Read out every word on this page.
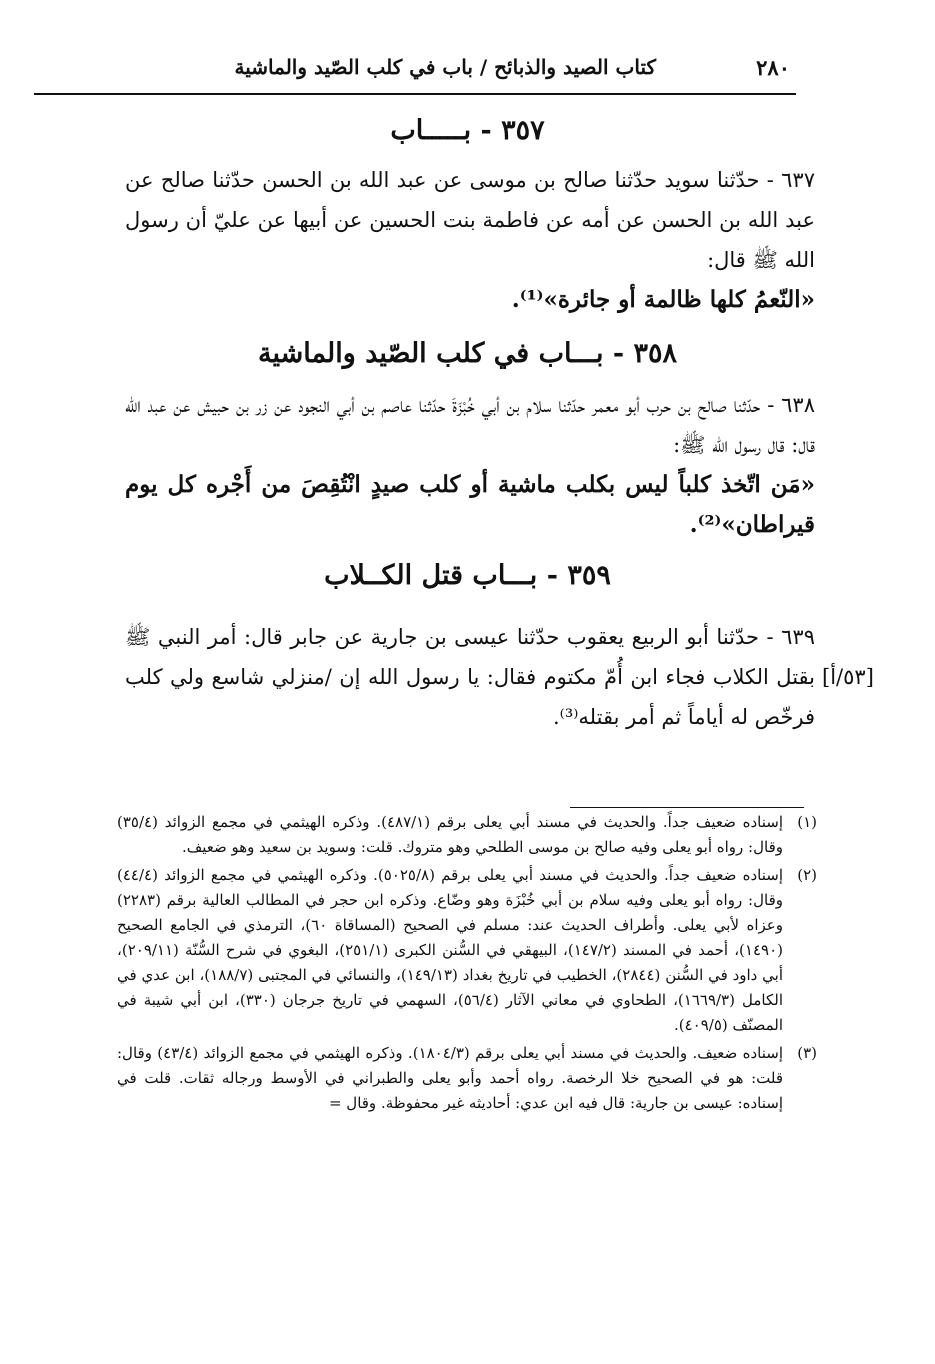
٢٨٠
كتاب الصيد والذبائح / باب في كلب الصّيد والماشية
٣٥٧ - بـــــاب
٦٣٧ - حدّثنا سويد حدّثنا صالح بن موسى عن عبد الله بن الحسن حدّثنا صالح عن عبد الله بن الحسن عن أمه عن فاطمة بنت الحسين عن أبيها عن عليّ أن رسول الله ﷺ قال:
«النّعمُ كلها ظالمة أو جائرة»⁽¹⁾.
٣٥٨ - بـــاب في كلب الصّيد والماشية
٦٣٨ - حدّثنا صالح بن حرب أبو معمر حدّثنا سلام بن أبي خُبْزَةَ حدّثنا عاصم بن أبي النجود عن زر بن حبيش عن عبد الله قال: قال رسول الله ﷺ:
«مَن اتّخذ كلباً ليس بكلب ماشية أو كلب صيدٍ انْتُقِصَ من أَجْره كل يوم قيراطان»⁽²⁾.
٣٥٩ - بـــاب قتل الكــلاب
٦٣٩ - حدّثنا أبو الربيع يعقوب حدّثنا عيسى بن جارية عن جابر قال: أمر النبي ﷺ بقتل الكلاب فجاء ابن أُمّ مكتوم فقال: يا رسول الله إن /منزلي شاسع ولي كلب فرخّص له أياماً ثم أمر بقتله⁽³⁾.
[٥٣/أ]
(١)
إسناده ضعيف جداً. والحديث في مسند أبي يعلى برقم (٤٨٧/١). وذكره الهيثمي في مجمع الزوائد (٣٥/٤) وقال: رواه أبو يعلى وفيه صالح بن موسى الطلحي وهو متروك. قلت: وسويد بن سعيد وهو ضعيف.
(٢)
إسناده ضعيف جداً. والحديث في مسند أبي يعلى برقم (٥٠٢٥/٨). وذكره الهيثمي في مجمع الزوائد (٤٤/٤) وقال: رواه أبو يعلى وفيه سلام بن أبي خُبْزَة وهو وضّاع. وذكره ابن حجر في المطالب العالية برقم (٢٢٨٣) وعزاه لأبي يعلى. وأطراف الحديث عند: مسلم في الصحيح (المساقاة ٦٠)، الترمذي في الجامع الصحيح (١٤٩٠)، أحمد في المسند (١٤٧/٢)، البيهقي في السُّنن الكبرى (٢٥١/١)، البغوي في شرح السُّنّة (٢٠٩/١١)، أبي داود في السُّنن (٢٨٤٤)، الخطيب في تاريخ بغداد (١٤٩/١٣)، والنسائي في المجتبى (١٨٨/٧)، ابن عدي في الكامل (١٦٦٩/٣)، الطحاوي في معاني الآثار (٥٦/٤)، السهمي في تاريخ جرجان (٣٣٠)، ابن أبي شيبة في المصنّف (٤٠٩/٥).
(٣)
إسناده ضعيف. والحديث في مسند أبي يعلى برقم (١٨٠٤/٣). وذكره الهيثمي في مجمع الزوائد (٤٣/٤) وقال: قلت: هو في الصحيح خلا الرخصة. رواه أحمد وأبو يعلى والطبراني في الأوسط ورجاله ثقات. قلت في إسناده: عيسى بن جارية: قال فيه ابن عدي: أحاديثه غير محفوظة. وقال =
